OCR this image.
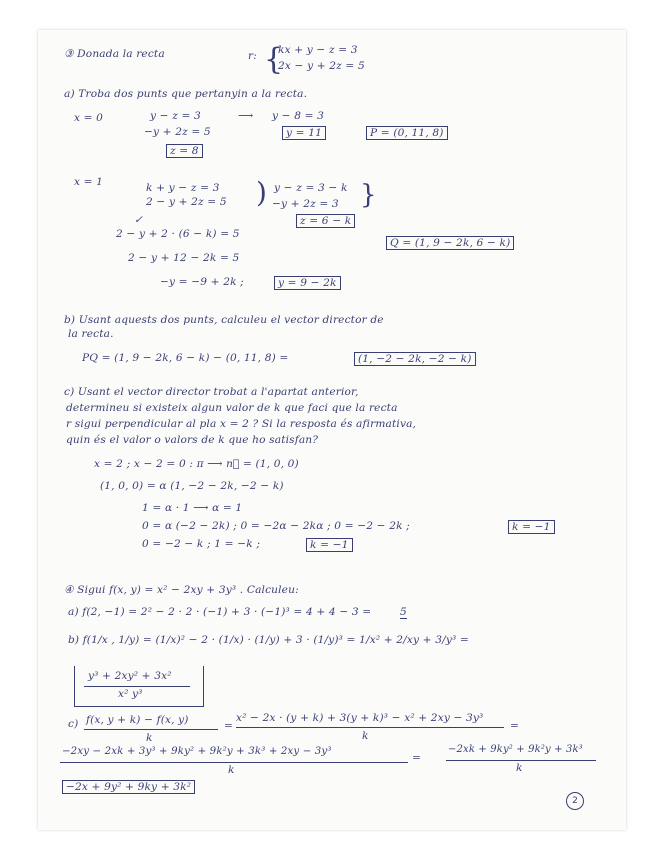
③ Donada la recta	r: {
kx + y − z = 3
2x − y + 2z = 5
a) Troba dos punts que pertanyin a la recta.
x = 0	y − z = 3
−y + 2z = 5
⟶ y − 8 = 3
z = 8
y = 11	P = (0, 11, 8)
x = 1	k + y − z = 3
2 − y + 2z = 5 ) y − z = 3 − k
−y + 2z = 3 }
✓	z = 6 − k
2 − y + 2 · (6 − k) = 5
Q = (1, 9 − 2k, 6 − k)
2 − y + 12 − 2k = 5
−y = −9 + 2k ;	y = 9 − 2k
b) Usant aquests dos punts, calculeu el vector director de
la recta.
PQ = (1, 9 − 2k, 6 − k) − (0, 11, 8) =	(1, −2 − 2k, −2 − k)
c) Usant el vector director trobat a l'apartat anterior,
determineu si existeix algun valor de k que faci que la recta
r sigui perpendicular al pla x = 2 ? Si la resposta és afirmativa,
quin és el valor o valors de k que ho satisfan?
x = 2 ; x − 2 = 0 : π ⟶ n⃗ = (1, 0, 0)
(1, 0, 0) = α (1, −2 − 2k, −2 − k)
1 = α · 1 ⟶ α = 1
0 = α (−2 − 2k) ; 0 = −2α − 2kα ; 0 = −2 − 2k ;	k = −1
0 = −2 − k ; 1 = −k ;	k = −1
④ Sigui f(x, y) = x² − 2xy + 3y³ . Calculeu:
a) f(2, −1) = 2² − 2 · 2 · (−1) + 3 · (−1)³ = 4 + 4 − 3 =	5
b) f(1/x , 1/y) = (1/x)² − 2 · (1/x) · (1/y) + 3 · (1/y)³ = 1/x² + 2/xy + 3/y³ =
y³ + 2xy² + 3x²
x² y³
c) f(x, y + k) − f(x, y)
k
=
x² − 2x · (y + k) + 3(y + k)³ − x² + 2xy − 3y³
k
=
−2xy − 2xk + 3y³ + 9ky² + 9k²y + 3k³ + 2xy − 3y³
k
=
−2xk + 9ky² + 9k²y + 3k³
k
−2x + 9y² + 9ky + 3k²
2
